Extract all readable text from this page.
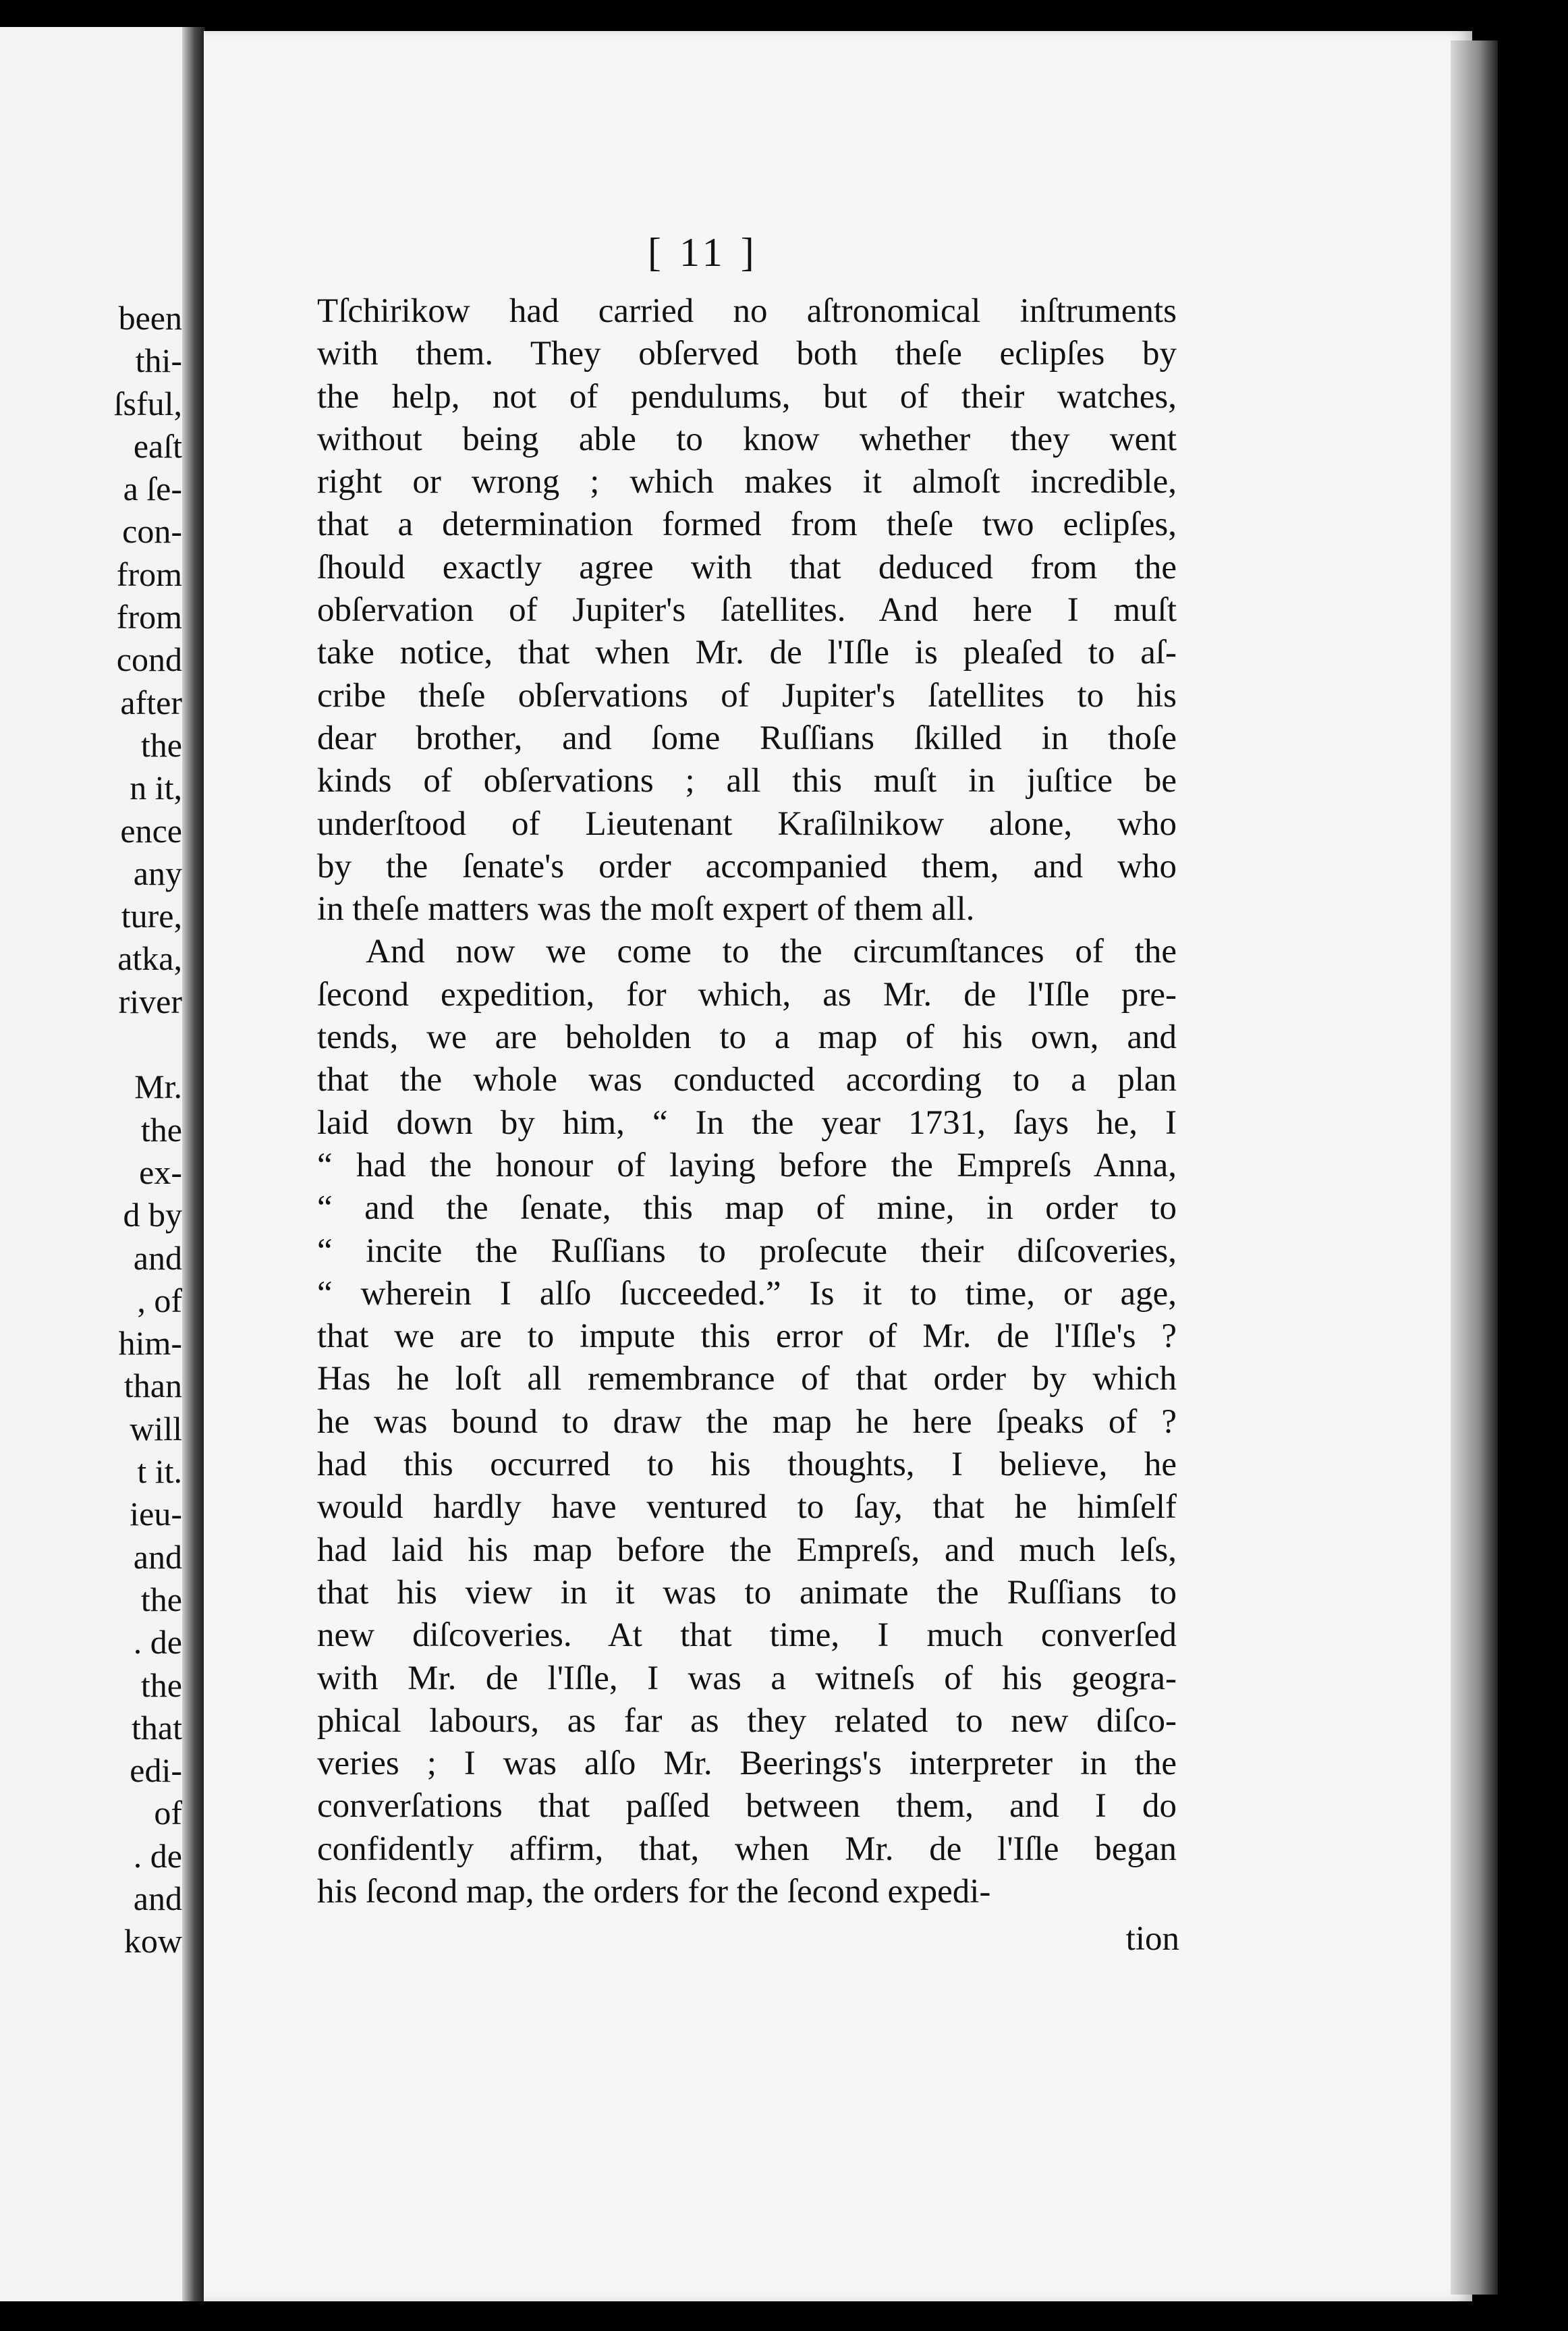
been
thi-
ſsful,
eaſt
a ſe-
con-
from
from
cond
after
the
n it,
ence
any
ture,
atka,
river

Mr.
the
ex-
d by
and
, of
him-
than
will
t it.
ieu-
and
the
. de
the
that
edi-
of
. de
and
kow
[ 11 ]
Tſchirikow had carried no aſtronomical inſtruments
with them. They obſerved both theſe eclipſes by
the help, not of pendulums, but of their watches,
without being able to know whether they went
right or wrong ; which makes it almoſt incredible,
that a determination formed from theſe two eclipſes,
ſhould exactly agree with that deduced from the
obſervation of Jupiter's ſatellites. And here I muſt
take notice, that when Mr. de l'Iſle is pleaſed to aſ-
cribe theſe obſervations of Jupiter's ſatellites to his
dear brother, and ſome Ruſſians ſkilled in thoſe
kinds of obſervations ; all this muſt in juſtice be
underſtood of Lieutenant Kraſilnikow alone, who
by the ſenate's order accompanied them, and who
in theſe matters was the moſt expert of them all.
And now we come to the circumſtances of the
ſecond expedition, for which, as Mr. de l'Iſle pre-
tends, we are beholden to a map of his own, and
that the whole was conducted according to a plan
laid down by him, “ In the year 1731, ſays he, I
“ had the honour of laying before the Empreſs Anna,
“ and the ſenate, this map of mine, in order to
“ incite the Ruſſians to proſecute their diſcoveries,
“ wherein I alſo ſucceeded.” Is it to time, or age,
that we are to impute this error of Mr. de l'Iſle's ?
Has he loſt all remembrance of that order by which
he was bound to draw the map he here ſpeaks of ?
had this occurred to his thoughts, I believe, he
would hardly have ventured to ſay, that he himſelf
had laid his map before the Empreſs, and much leſs,
that his view in it was to animate the Ruſſians to
new diſcoveries. At that time, I much converſed
with Mr. de l'Iſle, I was a witneſs of his geogra-
phical labours, as far as they related to new diſco-
veries ; I was alſo Mr. Beerings's interpreter in the
converſations that paſſed between them, and I do
confidently affirm, that, when Mr. de l'Iſle began
his ſecond map, the orders for the ſecond expedi-
tion
